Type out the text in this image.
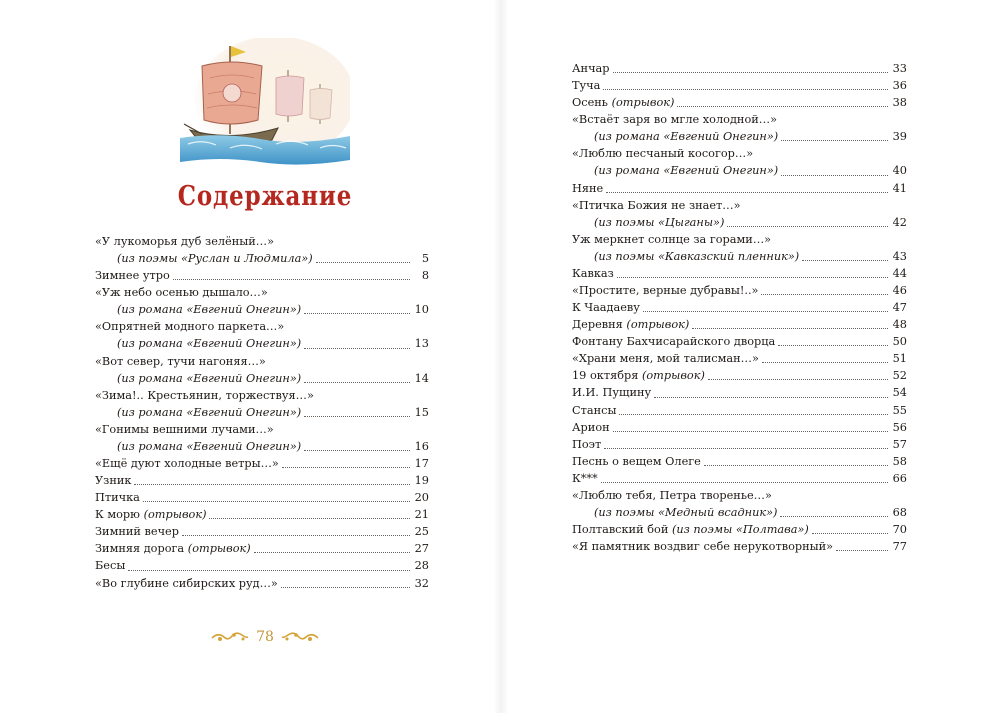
Содержание
«У лукоморья дуб зелёный…»
(из поэмы «Руслан и Людмила»)	5
Зимнее утро	8
«Уж небо осенью дышало…»
(из романа «Евгений Онегин»)	10
«Опрятней модного паркета…»
(из романа «Евгений Онегин»)	13
«Вот север, тучи нагоняя…»
(из романа «Евгений Онегин»)	14
«Зима!.. Крестьянин, торжествуя…»
(из романа «Евгений Онегин»)	15
«Гонимы вешними лучами…»
(из романа «Евгений Онегин»)	16
«Ещё дуют холодные ветры…»	17
Узник	19
Птичка	20
К морю (отрывок)	21
Зимний вечер	25
Зимняя дорога (отрывок)	27
Бесы	28
«Во глубине сибирских руд…»	32
78
Анчар	33
Туча	36
Осень (отрывок)	38
«Встаёт заря во мгле холодной…»
(из романа «Евгений Онегин»)	39
«Люблю песчаный косогор…»
(из романа «Евгений Онегин»)	40
Няне	41
«Птичка Божия не знает…»
(из поэмы «Цыганы»)	42
Уж меркнет солнце за горами…»
(из поэмы «Кавказский пленник»)	43
Кавказ	44
«Простите, верные дубравы!..»	46
К Чаадаеву	47
Деревня (отрывок)	48
Фонтану Бахчисарайского дворца	50
«Храни меня, мой талисман…»	51
19 октября (отрывок)	52
И.И. Пущину	54
Стансы	55
Арион	56
Поэт	57
Песнь о вещем Олеге	58
К***	66
«Люблю тебя, Петра творенье…»
(из поэмы «Медный всадник»)	68
Полтавский бой (из поэмы «Полтава»)	70
«Я памятник воздвиг себе нерукотворный»	77
